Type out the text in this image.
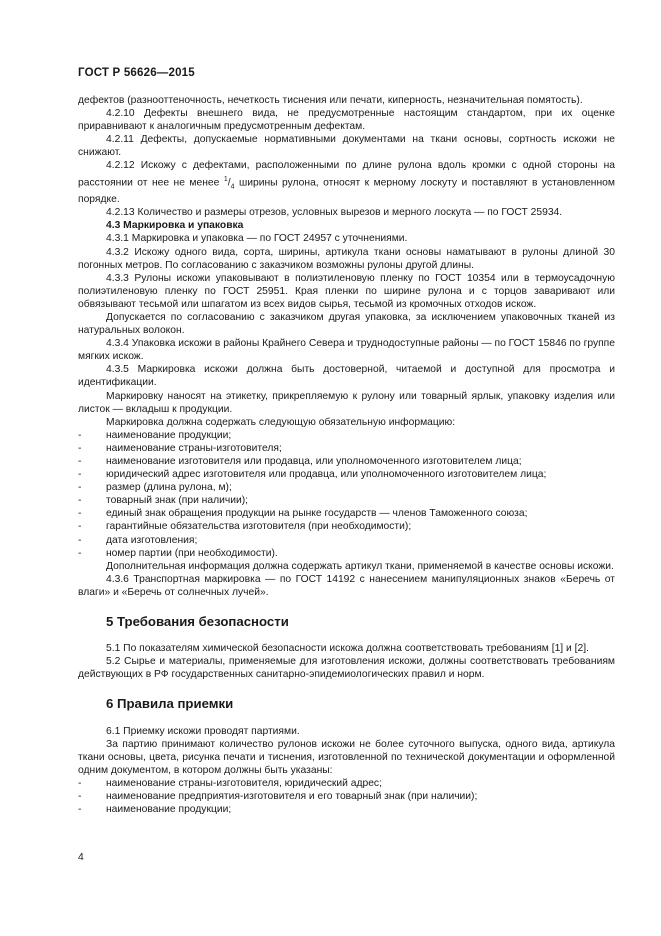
ГОСТ Р 56626—2015

дефектов (разнооттеночность, нечеткость тиснения или печати, киперность, незначительная помятость).

4.2.10 Дефекты внешнего вида, не предусмотренные настоящим стандартом, при их оценке приравнивают к аналогичным предусмотренным дефектам.

4.2.11 Дефекты, допускаемые нормативными документами на ткани основы, сортность искожи не снижают.

4.2.12 Искожу с дефектами, расположенными по длине рулона вдоль кромки с одной стороны на расстоянии от нее не менее $^1/_4$ ширины рулона, относят к мерному лоскуту и поставляют в установленном порядке.

4.2.13 Количество и размеры отрезов, условных вырезов и мерного лоскута — по ГОСТ 25934.

4.3 Маркировка и упаковка

4.3.1 Маркировка и упаковка — по ГОСТ 24957 с уточнениями.

4.3.2 Искожу одного вида, сорта, ширины, артикула ткани основы наматывают в рулоны длиной 30 погонных метров. По согласованию с заказчиком возможны рулоны другой длины.

4.3.3 Рулоны искожи упаковывают в полиэтиленовую пленку по ГОСТ 10354 или в термоусадочную полиэтиленовую пленку по ГОСТ 25951. Края пленки по ширине рулона и с торцов заваривают или обвязывают тесьмой или шпагатом из всех видов сырья, тесьмой из кромочных отходов искож.

Допускается по согласованию с заказчиком другая упаковка, за исключением упаковочных тканей из натуральных волокон.

4.3.4 Упаковка искожи в районы Крайнего Севера и труднодоступные районы — по ГОСТ 15846 по группе мягких искож.

4.3.5 Маркировка искожи должна быть достоверной, читаемой и доступной для просмотра и идентификации.

Маркировку наносят на этикетку, прикрепляемую к рулону или товарный ярлык, упаковку изделия или листок — вкладыш к продукции.

Маркировка должна содержать следующую обязательную информацию:

-	наименование продукции;
-	наименование страны-изготовителя;
-	наименование изготовителя или продавца, или уполномоченного изготовителем лица;
-	юридический адрес изготовителя или продавца, или уполномоченного изготовителем лица;
-	размер (длина рулона, м);
-	товарный знак (при наличии);
-	единый знак обращения продукции на рынке государств — членов Таможенного союза;
-	гарантийные обязательства изготовителя (при необходимости);
-	дата изготовления;
-	номер партии (при необходимости).

Дополнительная информация должна содержать артикул ткани, применяемой в качестве основы искожи.

4.3.6 Транспортная маркировка — по ГОСТ 14192 с нанесением манипуляционных знаков «Беречь от влаги» и «Беречь от солнечных лучей».

5 Требования безопасности

5.1 По показателям химической безопасности искожа должна соответствовать требованиям [1] и [2].

5.2 Сырье и материалы, применяемые для изготовления искожи, должны соответствовать требованиям действующих в РФ государственных санитарно-эпидемиологических правил и норм.

6 Правила приемки

6.1 Приемку искожи проводят партиями.

За партию принимают количество рулонов искожи не более суточного выпуска, одного вида, артикула ткани основы, цвета, рисунка печати и тиснения, изготовленной по технической документации и оформленной одним документом, в котором должны быть указаны:

-	наименование страны-изготовителя, юридический адрес;
-	наименование предприятия-изготовителя и его товарный знак (при наличии);
-	наименование продукции;
4
